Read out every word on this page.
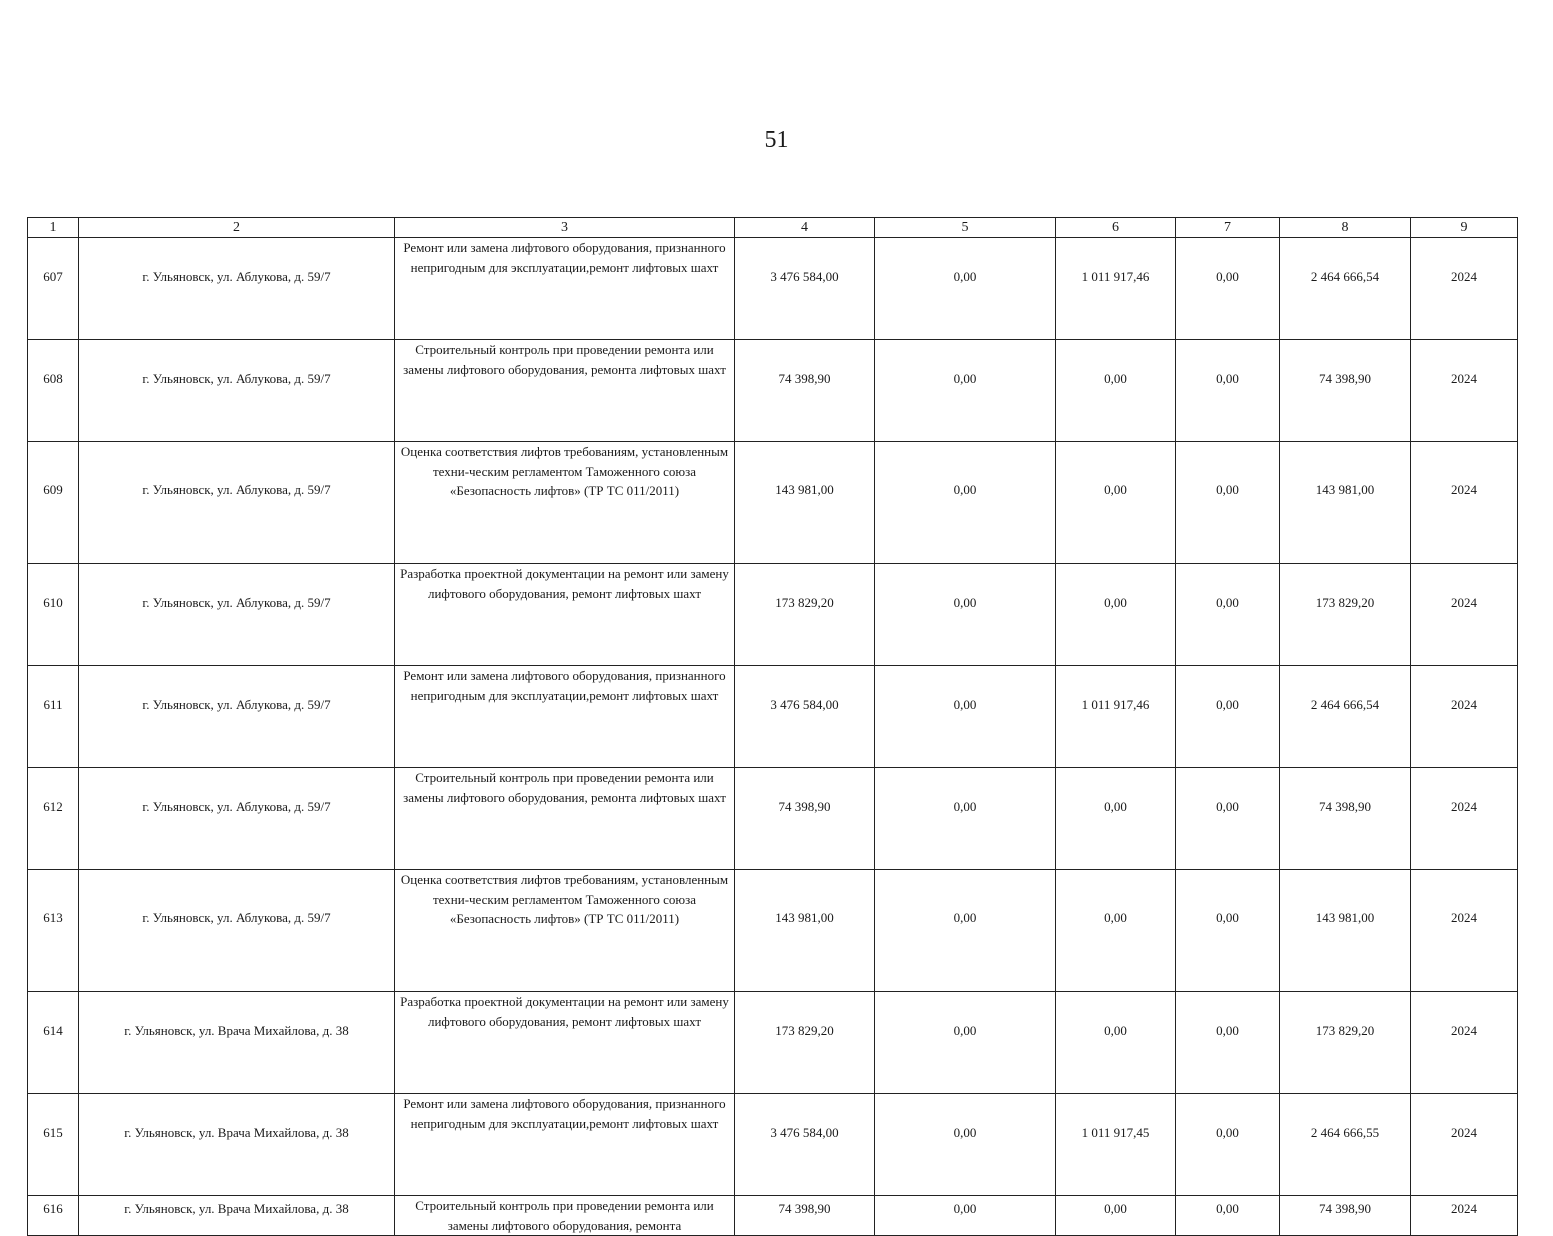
51
1	2	3	4	5	6	7	8	9
607	г. Ульяновск, ул. Аблукова, д. 59/7	Ремонт или замена лифтового оборудования, признанного непригодным для эксплуатации,ремонт лифтовых шахт	3 476 584,00	0,00	1 011 917,46	0,00	2 464 666,54	2024
608	г. Ульяновск, ул. Аблукова, д. 59/7	Строительный контроль при проведении ремонта или замены лифтового оборудования, ремонта лифтовых шахт	74 398,90	0,00	0,00	0,00	74 398,90	2024
609	г. Ульяновск, ул. Аблукова, д. 59/7	Оценка соответствия лифтов требованиям, установленным техни-ческим регламентом Таможенного союза «Безопасность лифтов» (ТР ТС 011/2011)	143 981,00	0,00	0,00	0,00	143 981,00	2024
610	г. Ульяновск, ул. Аблукова, д. 59/7	Разработка проектной документации на ремонт или замену лифтового оборудования, ремонт лифтовых шахт	173 829,20	0,00	0,00	0,00	173 829,20	2024
611	г. Ульяновск, ул. Аблукова, д. 59/7	Ремонт или замена лифтового оборудования, признанного непригодным для эксплуатации,ремонт лифтовых шахт	3 476 584,00	0,00	1 011 917,46	0,00	2 464 666,54	2024
612	г. Ульяновск, ул. Аблукова, д. 59/7	Строительный контроль при проведении ремонта или замены лифтового оборудования, ремонта лифтовых шахт	74 398,90	0,00	0,00	0,00	74 398,90	2024
613	г. Ульяновск, ул. Аблукова, д. 59/7	Оценка соответствия лифтов требованиям, установленным техни-ческим регламентом Таможенного союза «Безопасность лифтов» (ТР ТС 011/2011)	143 981,00	0,00	0,00	0,00	143 981,00	2024
614	г. Ульяновск, ул. Врача Михайлова, д. 38	Разработка проектной документации на ремонт или замену лифтового оборудования, ремонт лифтовых шахт	173 829,20	0,00	0,00	0,00	173 829,20	2024
615	г. Ульяновск, ул. Врача Михайлова, д. 38	Ремонт или замена лифтового оборудования, признанного непригодным для эксплуатации,ремонт лифтовых шахт	3 476 584,00	0,00	1 011 917,45	0,00	2 464 666,55	2024
616	г. Ульяновск, ул. Врача Михайлова, д. 38	Строительный контроль при проведении ремонта или замены лифтового оборудования, ремонта	74 398,90	0,00	0,00	0,00	74 398,90	2024
